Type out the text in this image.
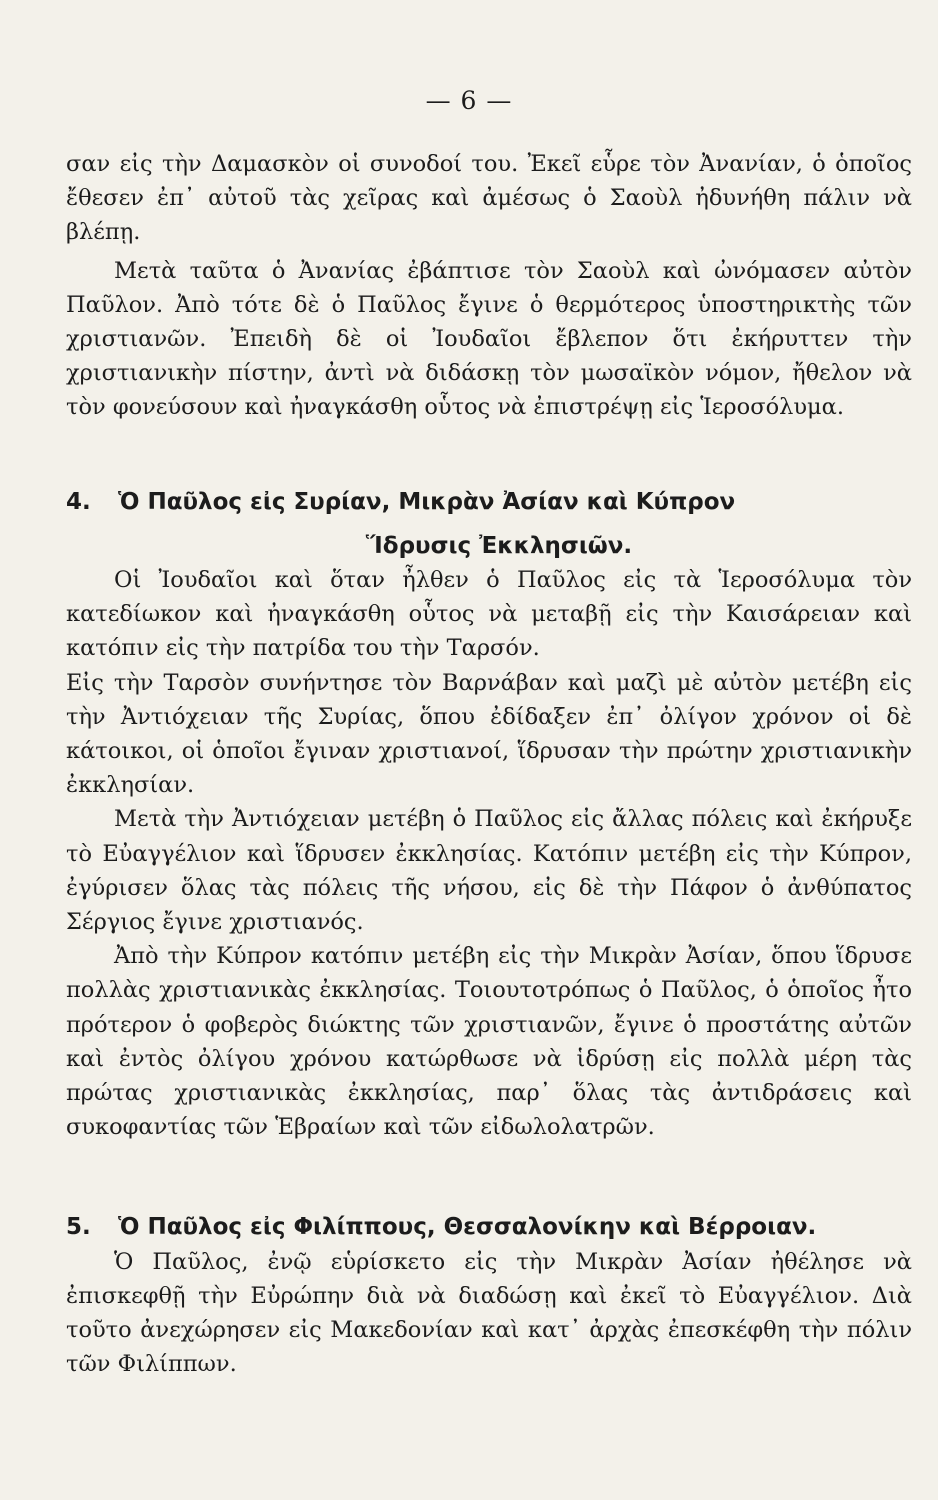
— 6 —

σαν εἰς τὴν Δαμασκὸν οἱ συνοδοί του. Ἐκεῖ εὗρε τὸν Ἀνανίαν, ὁ ὁποῖος ἔθεσεν ἐπ᾽ αὐτοῦ τὰς χεῖρας καὶ ἀμέσως ὁ Σαοὺλ ἠδυνήθη πάλιν νὰ βλέπῃ.

Μετὰ ταῦτα ὁ Ἀνανίας ἐβάπτισε τὸν Σαοὺλ καὶ ὠνόμασεν αὐτὸν Παῦλον. Ἀπὸ τότε δὲ ὁ Παῦλος ἔγινε ὁ θερμότερος ὑποστηρικτὴς τῶν χριστιανῶν. Ἐπειδὴ δὲ οἱ Ἰουδαῖοι ἔβλεπον ὅτι ἐκήρυττεν τὴν χριστιανικὴν πίστην, ἀντὶ νὰ διδάσκῃ τὸν μωσαϊκὸν νόμον, ἤθελον νὰ τὸν φονεύσουν καὶ ἠναγκάσθη οὗτος νὰ ἐπιστρέψῃ εἰς Ἱεροσόλυμα.

4.	Ὁ Παῦλος εἰς Συρίαν, Μικρὰν Ἀσίαν καὶ Κύπρον
Ἵδρυσις Ἐκκλησιῶν.

Οἱ Ἰουδαῖοι καὶ ὅταν ἦλθεν ὁ Παῦλος εἰς τὰ Ἱεροσόλυμα τὸν κατεδίωκον καὶ ἠναγκάσθη οὗτος νὰ μεταβῇ εἰς τὴν Καισάρειαν καὶ κατόπιν εἰς τὴν πατρίδα του τὴν Ταρσόν.

Εἰς τὴν Ταρσὸν συνήντησε τὸν Βαρνάβαν καὶ μαζὶ μὲ αὐτὸν μετέβη εἰς τὴν Ἀντιόχειαν τῆς Συρίας, ὅπου ἐδίδαξεν ἐπ᾽ ὀλίγον χρόνον οἱ δὲ κάτοικοι, οἱ ὁποῖοι ἔγιναν χριστιανοί, ἵδρυσαν τὴν πρώτην χριστιανικὴν ἐκκλησίαν.

Μετὰ τὴν Ἀντιόχειαν μετέβη ὁ Παῦλος εἰς ἄλλας πόλεις καὶ ἐκήρυξε τὸ Εὐαγγέλιον καὶ ἵδρυσεν ἐκκλησίας. Κατόπιν μετέβη εἰς τὴν Κύπρον, ἐγύρισεν ὅλας τὰς πόλεις τῆς νήσου, εἰς δὲ τὴν Πάφον ὁ ἀνθύπατος Σέργιος ἔγινε χριστιανός.

Ἀπὸ τὴν Κύπρον κατόπιν μετέβη εἰς τὴν Μικρὰν Ἀσίαν, ὅπου ἵδρυσε πολλὰς χριστιανικὰς ἐκκλησίας. Τοιουτοτρόπως ὁ Παῦλος, ὁ ὁποῖος ἦτο πρότερον ὁ φοβερὸς διώκτης τῶν χριστιανῶν, ἔγινε ὁ προστάτης αὐτῶν καὶ ἐντὸς ὀλίγου χρόνου κατώρθωσε νὰ ἱδρύσῃ εἰς πολλὰ μέρη τὰς πρώτας χριστιανικὰς ἐκκλησίας, παρ᾽ ὅλας τὰς ἀντιδράσεις καὶ συκοφαντίας τῶν Ἑβραίων καὶ τῶν εἰδωλολατρῶν.

5.	Ὁ Παῦλος εἰς Φιλίππους, Θεσσαλονίκην καὶ Βέρροιαν.

Ὁ Παῦλος, ἐνῷ εὑρίσκετο εἰς τὴν Μικρὰν Ἀσίαν ἠθέλησε νὰ ἐπισκεφθῇ τὴν Εὐρώπην διὰ νὰ διαδώσῃ καὶ ἐκεῖ τὸ Εὐαγγέλιον. Διὰ τοῦτο ἀνεχώρησεν εἰς Μακεδονίαν καὶ κατ᾽ ἀρχὰς ἐπεσκέφθη τὴν πόλιν τῶν Φιλίππων.
